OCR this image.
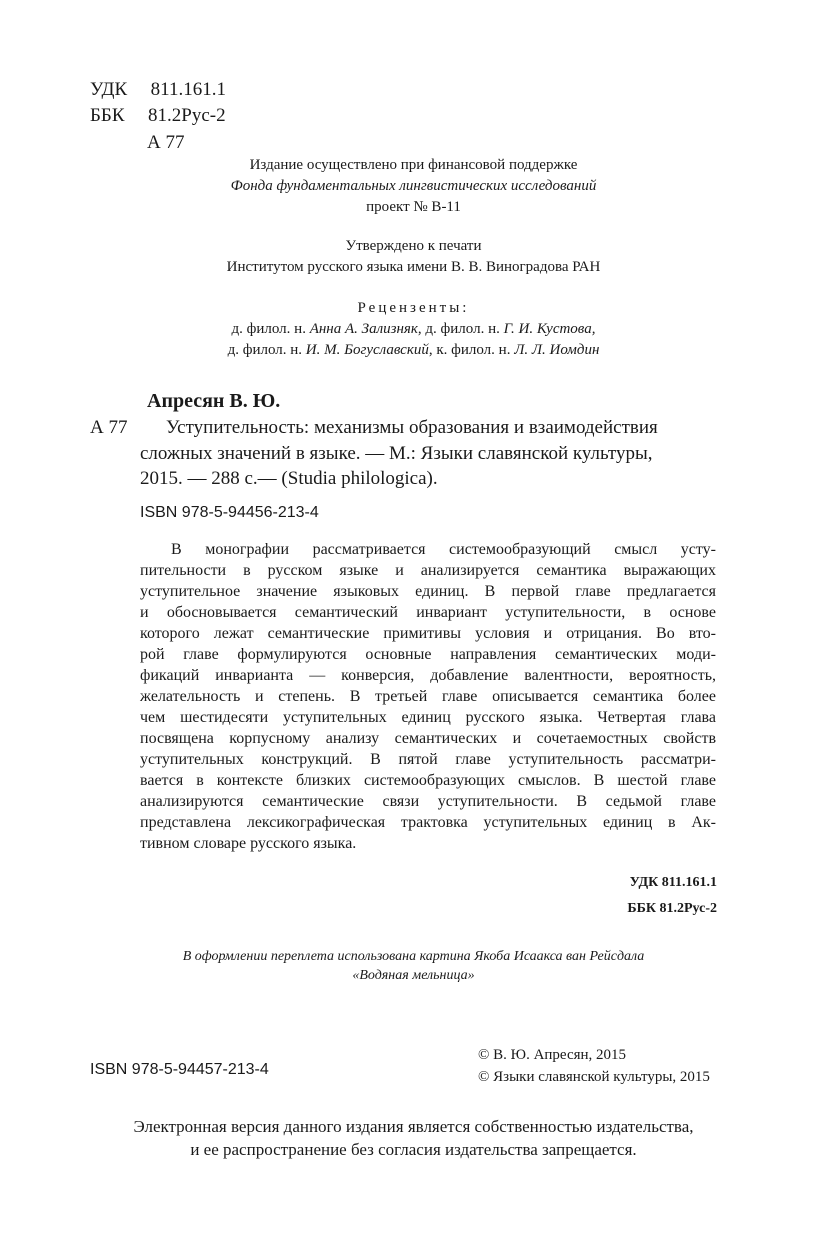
УДК 811.161.1
ББК 81.2Рус-2
А 77
Издание осуществлено при финансовой поддержке
Фонда фундаментальных лингвистических исследований
проект № В-11
Утверждено к печати
Институтом русского языка имени В. В. Виноградова РАН
Рецензенты:
д. филол. н. Анна А. Зализняк, д. филол. н. Г. И. Кустова,
д. филол. н. И. М. Богуславский, к. филол. н. Л. Л. Иомдин
Апресян В. Ю.
А 77 Уступительность: механизмы образования и взаимодействия
сложных значений в языке. — М.: Языки славянской культуры,
2015. — 288 с.— (Studia philologica).
ISBN 978-5-94456-213-4
В монографии рассматривается системообразующий смысл усту-
пительности в русском языке и анализируется семантика выражающих
уступительное значение языковых единиц. В первой главе предлагается
и обосновывается семантический инвариант уступительности, в основе
которого лежат семантические примитивы условия и отрицания. Во вто-
рой главе формулируются основные направления семантических моди-
фикаций инварианта — конверсия, добавление валентности, вероятность,
желательность и степень. В третьей главе описывается семантика более
чем шестидесяти уступительных единиц русского языка. Четвертая глава
посвящена корпусному анализу семантических и сочетаемостных свойств
уступительных конструкций. В пятой главе уступительность рассматри-
вается в контексте близких системообразующих смыслов. В шестой главе
анализируются семантические связи уступительности. В седьмой главе
представлена лексикографическая трактовка уступительных единиц в Ак-
тивном словаре русского языка.
УДК 811.161.1
ББК 81.2Рус-2
В оформлении переплета использована картина Якоба Исаакса ван Рейсдала
«Водяная мельница»
ISBN 978-5-94457-213-4
© В. Ю. Апресян, 2015
© Языки славянской культуры, 2015
Электронная версия данного издания является собственностью издательства,
и ее распространение без согласия издательства запрещается.
